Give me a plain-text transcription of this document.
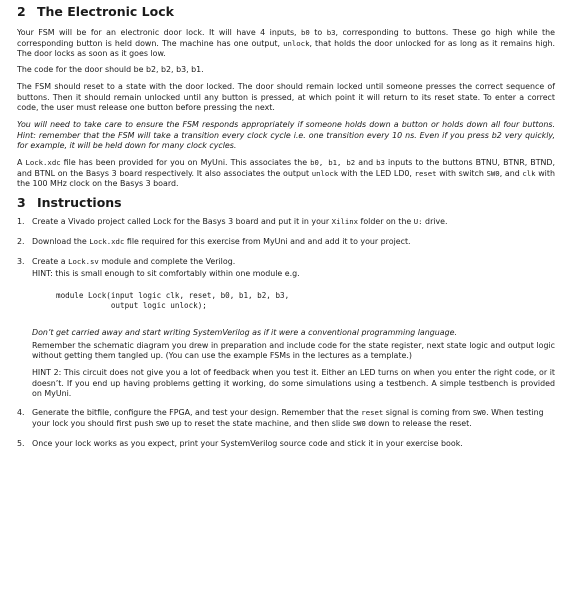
2 The Electronic Lock

Your FSM will be for an electronic door lock. It will have 4 inputs, b0 to b3, corresponding to buttons. These go high while the corresponding button is held down. The machine has one output, unlock, that holds the door unlocked for as long as it remains high. The door locks as soon as it goes low.

The code for the door should be b2, b2, b3, b1.

The FSM should reset to a state with the door locked. The door should remain locked until someone presses the correct sequence of buttons. Then it should remain unlocked until any button is pressed, at which point it will return to its reset state. To enter a correct code, the user must release one button before pressing the next.

You will need to take care to ensure the FSM responds appropriately if someone holds down a button or holds down all four buttons. Hint: remember that the FSM will take a transition every clock cycle i.e. one transition every 10 ns. Even if you press b2 very quickly, for example, it will be held down for many clock cycles.

A Lock.xdc file has been provided for you on MyUni. This associates the b0, b1, b2 and b3 inputs to the buttons BTNU, BTNR, BTND, and BTNL on the Basys 3 board respectively. It also associates the output unlock with the LED LD0, reset with switch SW0, and clk with the 100 MHz clock on the Basys 3 board.

3 Instructions
1. Create a Vivado project called Lock for the Basys 3 board and put it in your Xilinx folder on the U: drive.
2. Download the Lock.xdc file required for this exercise from MyUni and and add it to your project.
3. Create a Lock.sv module and complete the Verilog.
HINT: this is small enough to sit comfortably within one module e.g.
module Lock(input logic clk, reset, b0, b1, b2, b3,
output logic unlock);
Don’t get carried away and start writing SystemVerilog as if it were a conventional programming language.
Remember the schematic diagram you drew in preparation and include code for the state register, next state logic and output logic without getting them tangled up. (You can use the example FSMs in the lectures as a template.)
HINT 2: This circuit does not give you a lot of feedback when you test it. Either an LED turns on when you enter the right code, or it doesn’t. If you end up having problems getting it working, do some simulations using a testbench. A simple testbench is provided on MyUni.
4. Generate the bitfile, configure the FPGA, and test your design. Remember that the reset signal is coming from SW0. When testing your lock you should first push SW0 up to reset the state machine, and then slide SW0 down to release the reset.
5. Once your lock works as you expect, print your SystemVerilog source code and stick it in your exercise book.
